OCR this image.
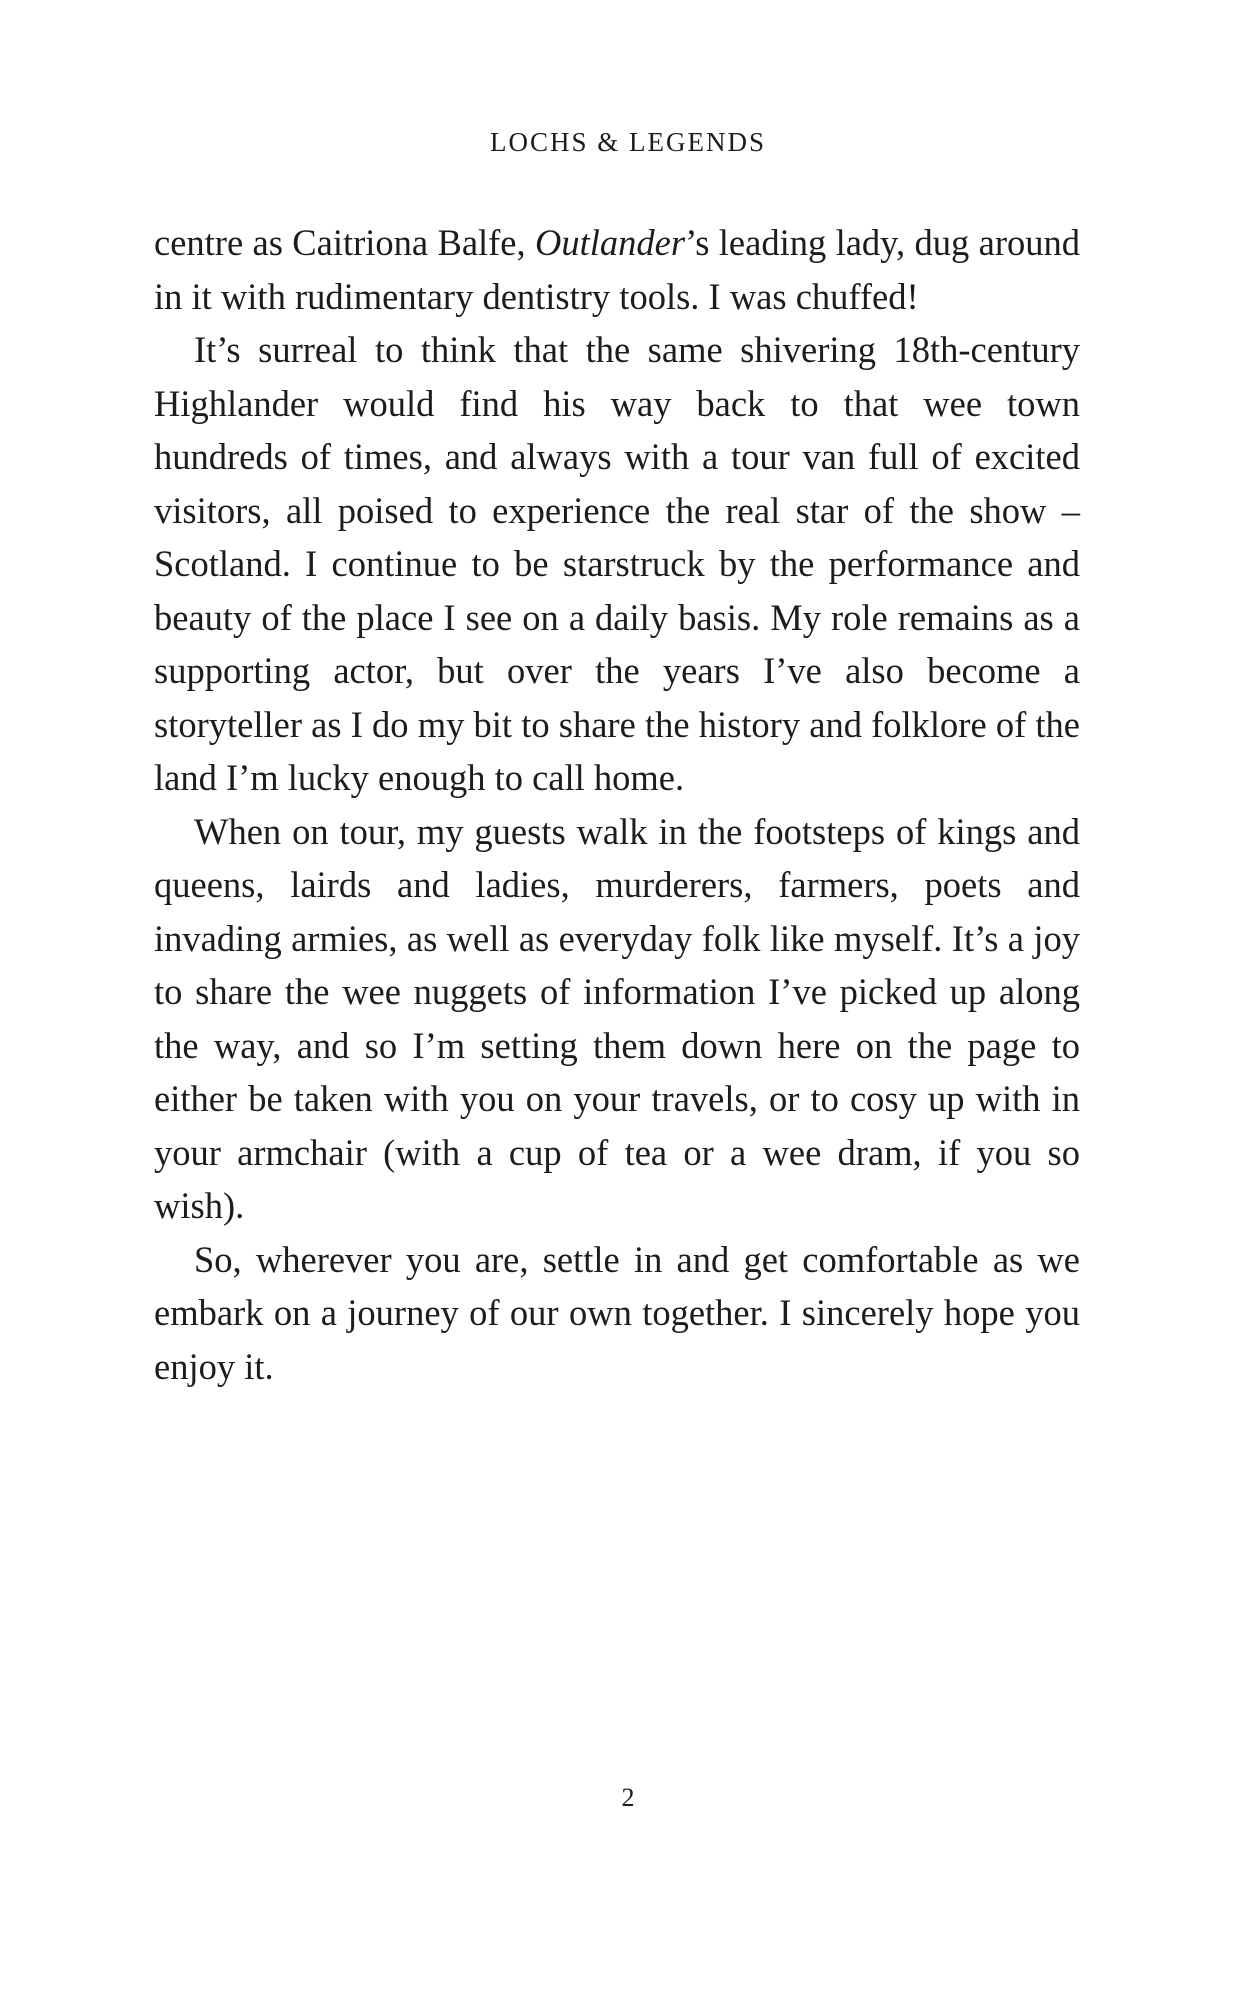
LOCHS & LEGENDS

centre as Caitriona Balfe, Outlander’s leading lady, dug around in it with rudimentary dentistry tools. I was chuffed!

It’s surreal to think that the same shivering 18th-century Highlander would find his way back to that wee town hundreds of times, and always with a tour van full of excited visitors, all poised to experience the real star of the show – Scotland. I continue to be starstruck by the performance and beauty of the place I see on a daily basis. My role remains as a supporting actor, but over the years I’ve also become a storyteller as I do my bit to share the history and folklore of the land I’m lucky enough to call home.

When on tour, my guests walk in the footsteps of kings and queens, lairds and ladies, murderers, farmers, poets and invading armies, as well as everyday folk like myself. It’s a joy to share the wee nuggets of information I’ve picked up along the way, and so I’m setting them down here on the page to either be taken with you on your travels, or to cosy up with in your armchair (with a cup of tea or a wee dram, if you so wish).

So, wherever you are, settle in and get comfortable as we embark on a journey of our own together. I sincerely hope you enjoy it.

2
